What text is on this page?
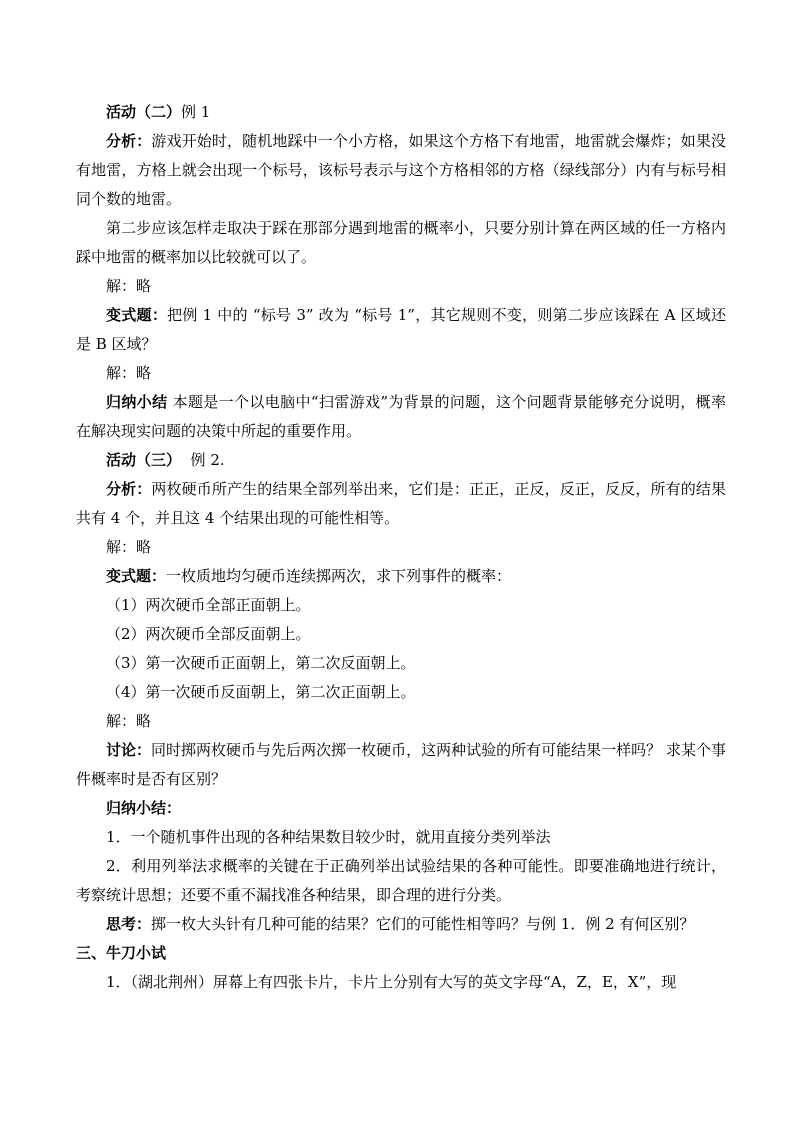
活动（二）例 1

分析：游戏开始时，随机地踩中一个小方格，如果这个方格下有地雷，地雷就会爆炸；如果没有地雷，方格上就会出现一个标号，该标号表示与这个方格相邻的方格（绿线部分）内有与标号相同个数的地雷。

第二步应该怎样走取决于踩在那部分遇到地雷的概率小，只要分别计算在两区域的任一方格内踩中地雷的概率加以比较就可以了。

解：略

变式题：把例 1 中的 “标号 3” 改为 “标号 1”，其它规则不变，则第二步应该踩在 A 区域还是 B 区域？

解：略

归纳小结 本题是一个以电脑中“扫雷游戏”为背景的问题，这个问题背景能够充分说明，概率在解决现实问题的决策中所起的重要作用。

活动（三）  例 2.

分析：两枚硬币所产生的结果全部列举出来，它们是：正正，正反，反正，反反，所有的结果共有 4 个，并且这 4 个结果出现的可能性相等。

解：略

变式题：一枚质地均匀硬币连续掷两次，求下列事件的概率：

（1）两次硬币全部正面朝上。

（2）两次硬币全部反面朝上。

（3）第一次硬币正面朝上，第二次反面朝上。

（4）第一次硬币反面朝上，第二次正面朝上。

解：略

讨论：同时掷两枚硬币与先后两次掷一枚硬币，这两种试验的所有可能结果一样吗？ 求某个事件概率时是否有区别？

归纳小结：

1．一个随机事件出现的各种结果数目较少时，就用直接分类列举法

2．利用列举法求概率的关键在于正确列举出试验结果的各种可能性。即要准确地进行统计，考察统计思想；还要不重不漏找准各种结果，即合理的进行分类。

思考：掷一枚大头针有几种可能的结果？它们的可能性相等吗？与例 1．例 2 有何区别？

三、牛刀小试

1．（湖北荆州）屏幕上有四张卡片，卡片上分别有大写的英文字母“A，Z，E，X”，现
